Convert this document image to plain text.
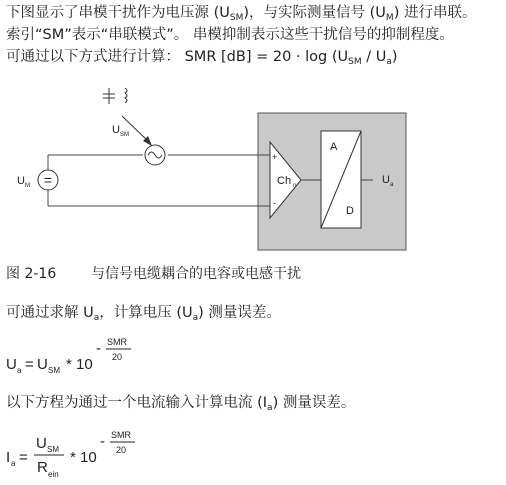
下图显示了串模干扰作为电压源 $(U_{SM})$，与实际测量信号 $(U_M)$ 进行串联。
索引“SM”表示“串联模式”。 串模抑制表示这些干扰信号的抑制程度。
可通过以下方式进行计算： SMR $[dB] = 20 \cdot \log (U_{SM} / U_a)$
=
+
-
Ch n
A
D
$U_{SM}$
$U_M$	$U_a$
图 2-16 与信号电缆耦合的电容或电感干扰
可通过求解 $U_a$，计算电压 $(U_a)$ 测量误差。
U a = U SM * 10
- SMR
20
以下方程为通过一个电流输入计算电流 $(I_a)$ 测量误差。
I a =
U SM
R ein
* 10
- SMR
20
